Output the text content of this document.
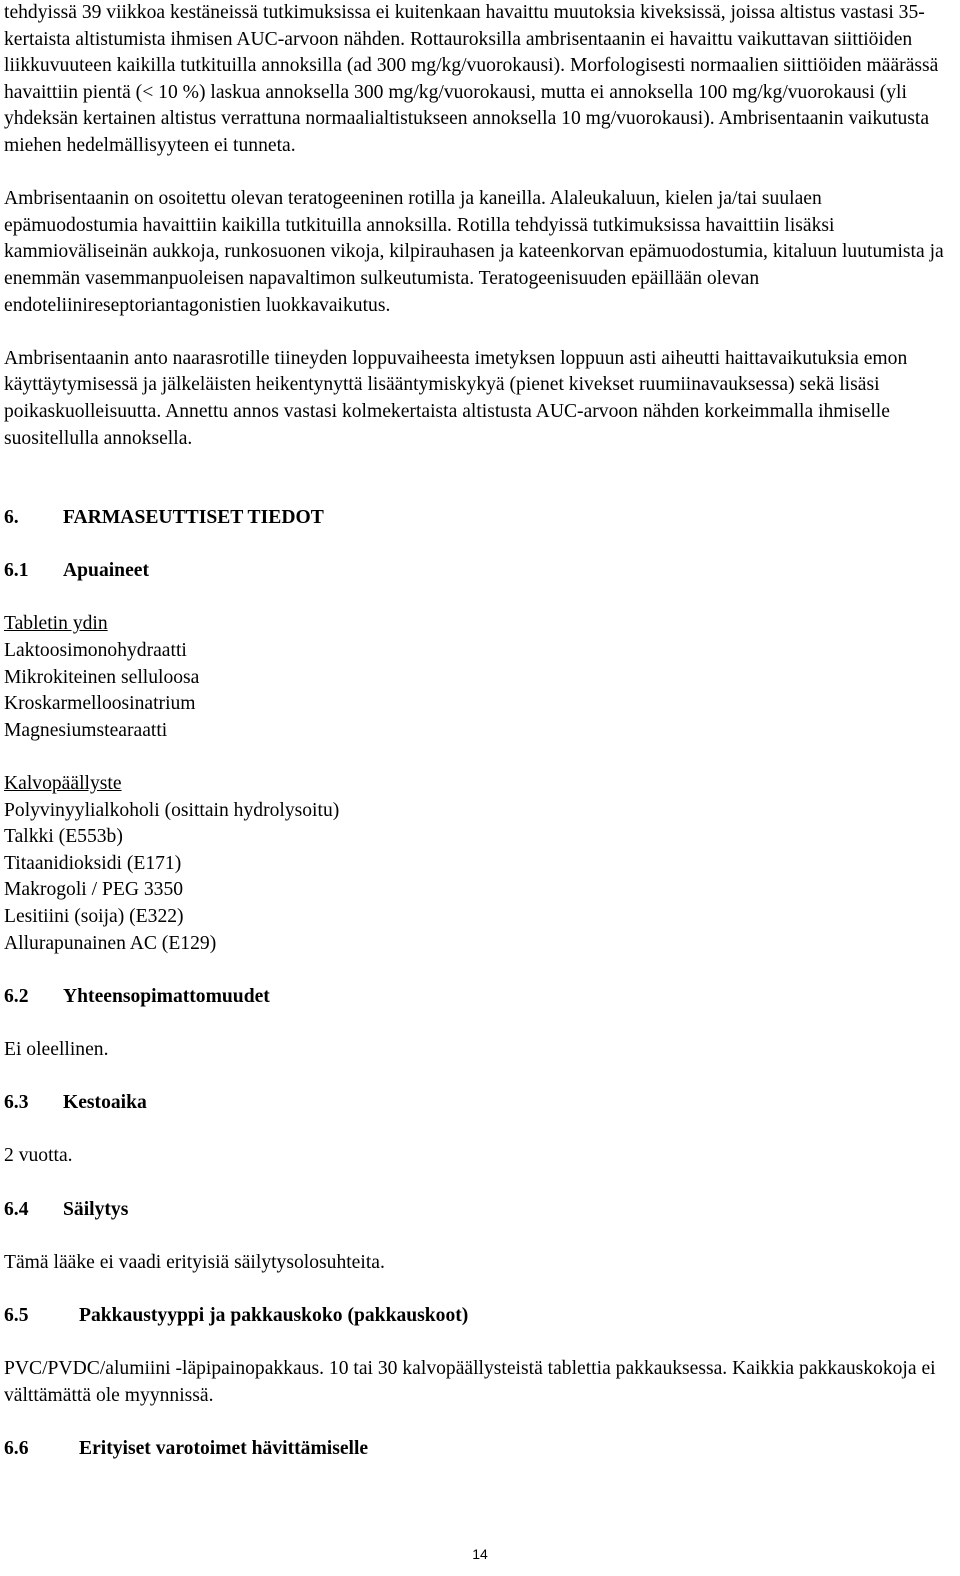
tehdyissä 39 viikkoa kestäneissä tutkimuksissa ei kuitenkaan havaittu muutoksia kiveksissä, joissa altistus vastasi 35-kertaista altistumista ihmisen AUC-arvoon nähden. Rottauroksilla ambrisentaanin ei havaittu vaikuttavan siittiöiden liikkuvuuteen kaikilla tutkituilla annoksilla (ad 300 mg/kg/vuorokausi). Morfologisesti normaalien siittiöiden määrässä havaittiin pientä (< 10 %) laskua annoksella 300 mg/kg/vuorokausi, mutta ei annoksella 100 mg/kg/vuorokausi (yli yhdeksän kertainen altistus verrattuna normaalialtistukseen annoksella 10 mg/vuorokausi). Ambrisentaanin vaikutusta miehen hedelmällisyyteen ei tunneta.

Ambrisentaanin on osoitettu olevan teratogeeninen rotilla ja kaneilla. Alaleukaluun, kielen ja/tai suulaen epämuodostumia havaittiin kaikilla tutkituilla annoksilla. Rotilla tehdyissä tutkimuksissa havaittiin lisäksi kammioväliseinän aukkoja, runkosuonen vikoja, kilpirauhasen ja kateenkorvan epämuodostumia, kitaluun luutumista ja enemmän vasemmanpuoleisen napavaltimon sulkeutumista. Teratogeenisuuden epäillään olevan endoteliinireseptoriantagonistien luokkavaikutus.

Ambrisentaanin anto naarasrotille tiineyden loppuvaiheesta imetyksen loppuun asti aiheutti haittavaikutuksia emon käyttäytymisessä ja jälkeläisten heikentynyttä lisääntymiskykyä (pienet kivekset ruumiinavauksessa) sekä lisäsi poikaskuolleisuutta. Annettu annos vastasi kolmekertaista altistusta AUC-arvoon nähden korkeimmalla ihmiselle suositellulla annoksella.

6.	FARMASEUTTISET TIEDOT
6.1	Apuaineet

Tabletin ydin

Laktoosimonohydraatti
Mikrokiteinen selluloosa
Kroskarmelloosinatrium
Magnesiumstearaatti

Kalvopäällyste

Polyvinyylialkoholi (osittain hydrolysoitu)
Talkki (E553b)
Titaanidioksidi (E171)
Makrogoli / PEG 3350
Lesitiini (soija) (E322)
Allurapunainen AC (E129)
6.2	Yhteensopimattomuudet

Ei oleellinen.

6.3	Kestoaika

2 vuotta.

6.4	Säilytys

Tämä lääke ei vaadi erityisiä säilytysolosuhteita.

6.5	Pakkaustyyppi ja pakkauskoko (pakkauskoot)

PVC/PVDC/alumiini -läpipainopakkaus. 10 tai 30 kalvopäällysteistä tablettia pakkauksessa. Kaikkia pakkauskokoja ei välttämättä ole myynnissä.

6.6	Erityiset varotoimet hävittämiselle
14
